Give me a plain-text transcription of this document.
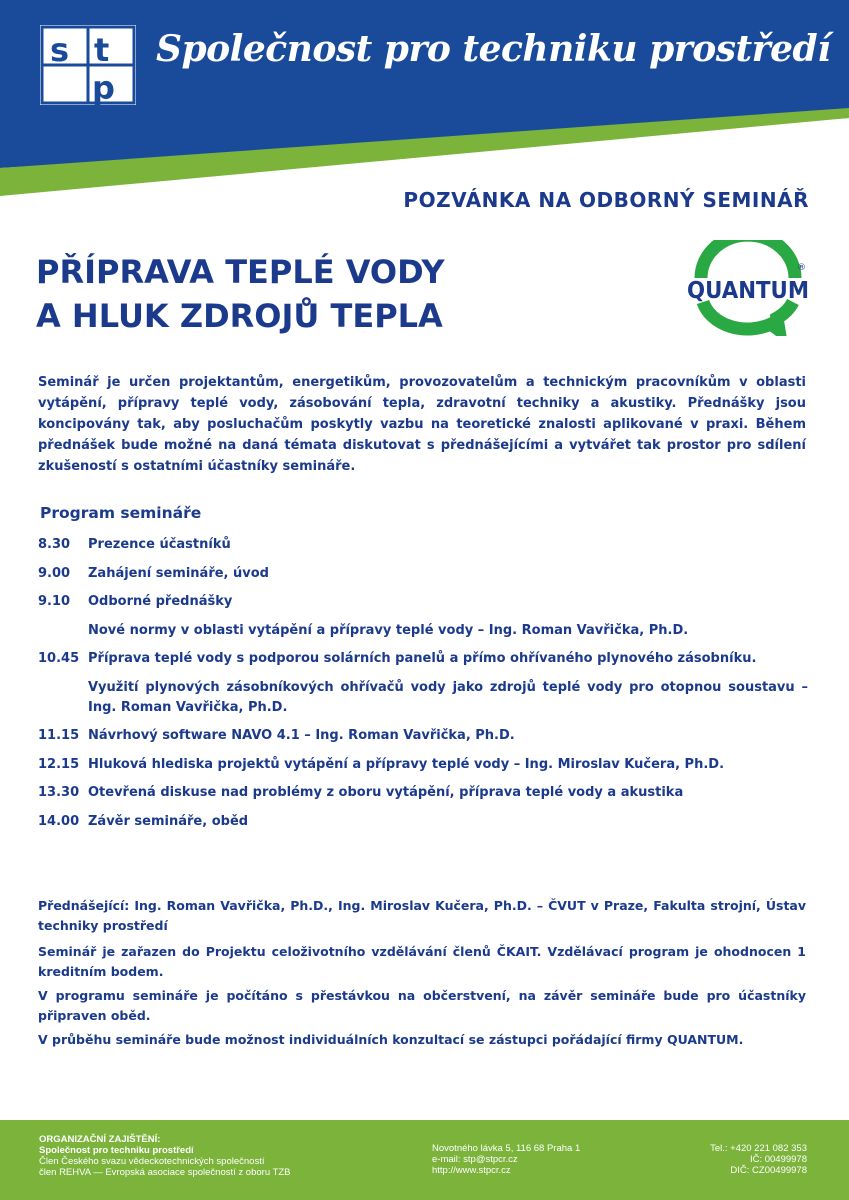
s t
p
Společnost pro techniku prostředí
POZVÁNKA NA ODBORNÝ SEMINÁŘ
PŘÍPRAVA TEPLÉ VODY
A HLUK ZDROJŮ TEPLA
QUANTUM
®
Seminář je určen projektantům, energetikům, provozovatelům a technickým pracovníkům v oblasti vytápění, přípravy teplé vody, zásobování tepla, zdravotní techniky a akustiky. Přednášky jsou koncipovány tak, aby posluchačům poskytly vazbu na teoretické znalosti aplikované v praxi. Během přednášek bude možné na daná témata diskutovat s přednášejícími a vytvářet tak prostor pro sdílení zkušeností s ostatními účastníky semináře.
Program semináře
8.30	Prezence účastníků
9.00	Zahájení semináře, úvod
9.10	Odborné přednášky
Nové normy v oblasti vytápění a přípravy teplé vody – Ing. Roman Vavřička, Ph.D.
10.45 Příprava teplé vody s podporou solárních panelů a přímo ohřívaného plynového zásobníku.
Využití plynových zásobníkových ohřívačů vody jako zdrojů teplé vody pro otopnou soustavu – Ing. Roman Vavřička, Ph.D.
11.15 Návrhový software NAVO 4.1 – Ing. Roman Vavřička, Ph.D.
12.15 Hluková hlediska projektů vytápění a přípravy teplé vody – Ing. Miroslav Kučera, Ph.D.
13.30 Otevřená diskuse nad problémy z oboru vytápění, příprava teplé vody a akustika
14.00 Závěr semináře, oběd
Přednášející: Ing. Roman Vavřička, Ph.D., Ing. Miroslav Kučera, Ph.D. – ČVUT v Praze, Fakulta strojní, Ústav techniky prostředí
Seminář je zařazen do Projektu celoživotního vzdělávání členů ČKAIT. Vzdělávací program je ohodnocen 1 kreditním bodem.
V programu semináře je počítáno s přestávkou na občerstvení, na závěr semináře bude pro účastníky připraven oběd.
V průběhu semináře bude možnost individuálních konzultací se zástupci pořádající firmy QUANTUM.
ORGANIZAČNÍ ZAJIŠTĚNÍ:
Společnost pro techniku prostředí
Člen Českého svazu vědeckotechnických společností
člen REHVA — Evropská asociace společností z oboru TZB
Novotného lávka 5, 116 68 Praha 1
e-mail: stp@stpcr.cz
http://www.stpcr.cz
Tel.: +420 221 082 353
IČ: 00499978
DIČ: CZ00499978
